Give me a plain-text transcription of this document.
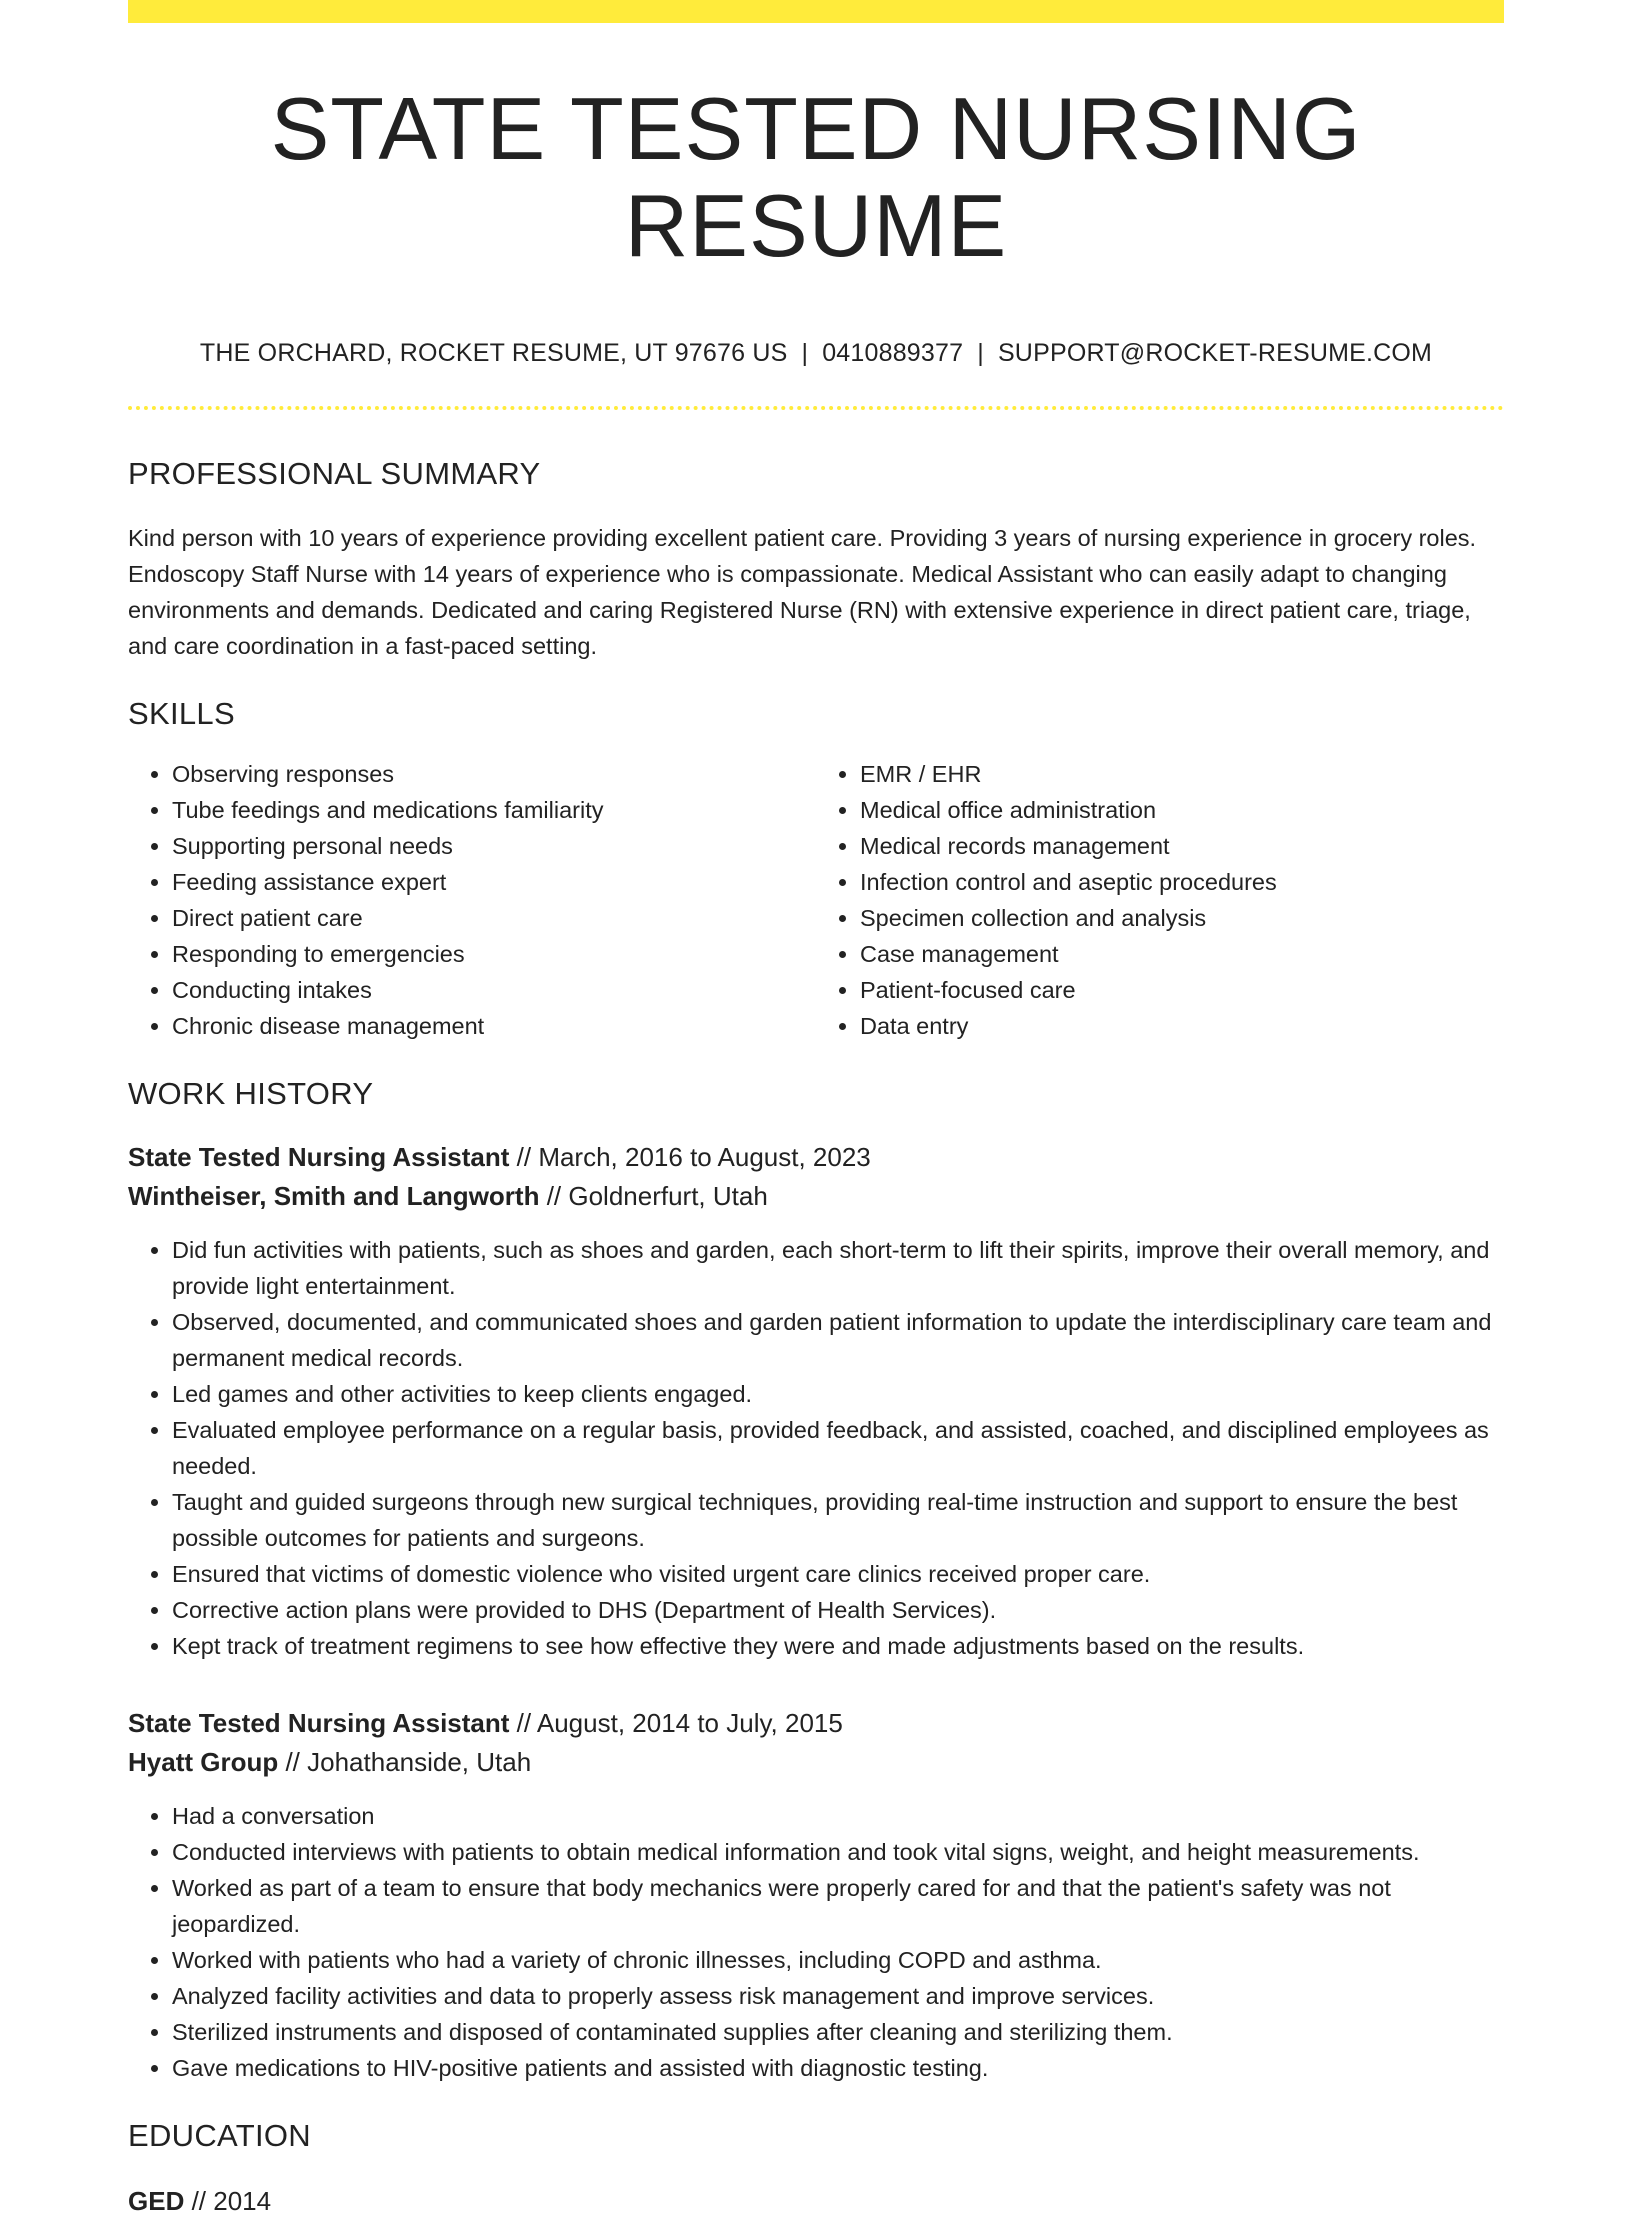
STATE TESTED NURSING RESUME
THE ORCHARD, ROCKET RESUME, UT 97676 US | 0410889377 | SUPPORT@ROCKET-RESUME.COM
PROFESSIONAL SUMMARY
Kind person with 10 years of experience providing excellent patient care. Providing 3 years of nursing experience in grocery roles. Endoscopy Staff Nurse with 14 years of experience who is compassionate. Medical Assistant who can easily adapt to changing environments and demands. Dedicated and caring Registered Nurse (RN) with extensive experience in direct patient care, triage, and care coordination in a fast-paced setting.
SKILLS
• Observing responses
• Tube feedings and medications familiarity
• Supporting personal needs
• Feeding assistance expert
• Direct patient care
• Responding to emergencies
• Conducting intakes
• Chronic disease management
• EMR / EHR
• Medical office administration
• Medical records management
• Infection control and aseptic procedures
• Specimen collection and analysis
• Case management
• Patient-focused care
• Data entry
WORK HISTORY
State Tested Nursing Assistant // March, 2016 to August, 2023
Wintheiser, Smith and Langworth // Goldnerfurt, Utah
• Did fun activities with patients, such as shoes and garden, each short-term to lift their spirits, improve their overall memory, and provide light entertainment.
• Observed, documented, and communicated shoes and garden patient information to update the interdisciplinary care team and permanent medical records.
• Led games and other activities to keep clients engaged.
• Evaluated employee performance on a regular basis, provided feedback, and assisted, coached, and disciplined employees as needed.
• Taught and guided surgeons through new surgical techniques, providing real-time instruction and support to ensure the best possible outcomes for patients and surgeons.
• Ensured that victims of domestic violence who visited urgent care clinics received proper care.
• Corrective action plans were provided to DHS (Department of Health Services).
• Kept track of treatment regimens to see how effective they were and made adjustments based on the results.
State Tested Nursing Assistant // August, 2014 to July, 2015
Hyatt Group // Johathanside, Utah
• Had a conversation
• Conducted interviews with patients to obtain medical information and took vital signs, weight, and height measurements.
• Worked as part of a team to ensure that body mechanics were properly cared for and that the patient's safety was not jeopardized.
• Worked with patients who had a variety of chronic illnesses, including COPD and asthma.
• Analyzed facility activities and data to properly assess risk management and improve services.
• Sterilized instruments and disposed of contaminated supplies after cleaning and sterilizing them.
• Gave medications to HIV-positive patients and assisted with diagnostic testing.
EDUCATION
GED // 2014
